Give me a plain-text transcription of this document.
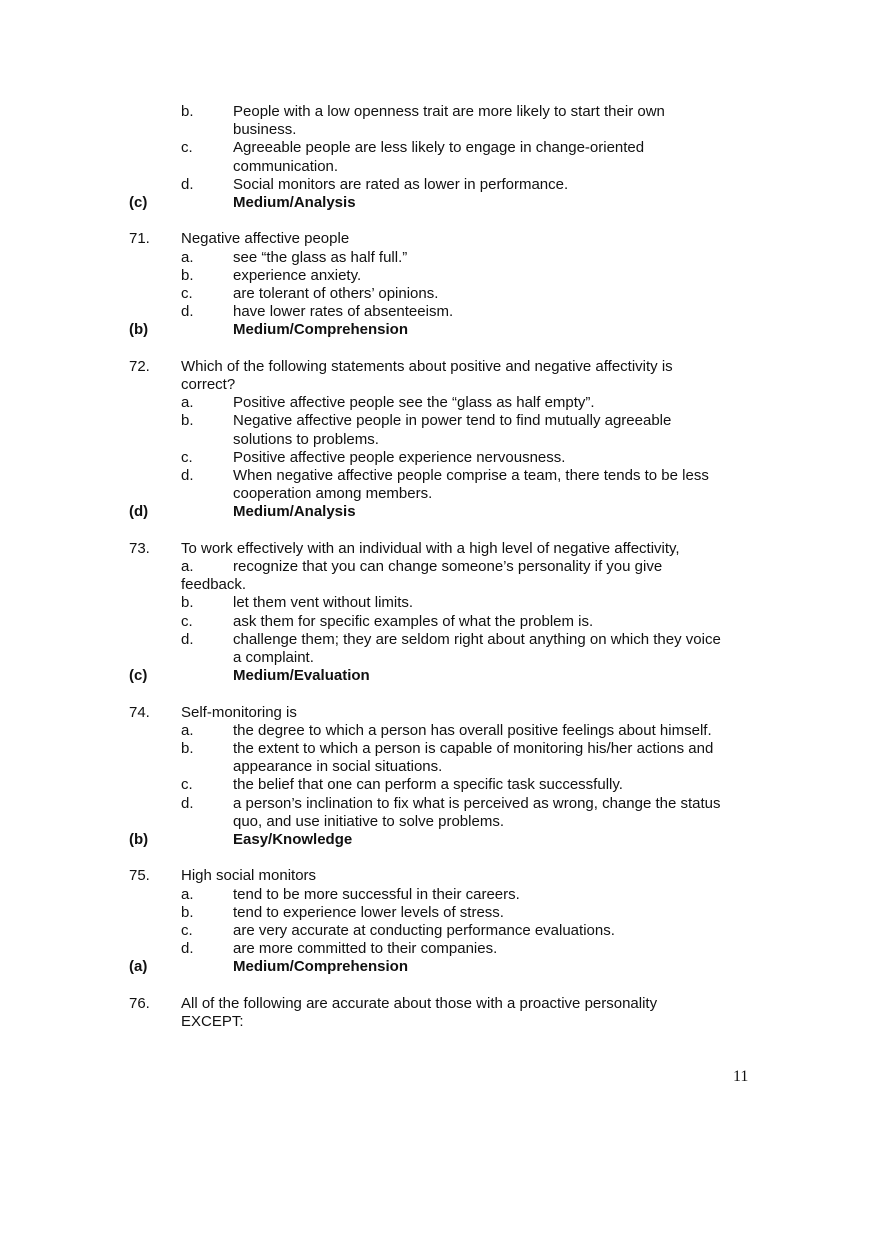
b.	People with a low openness trait are more likely to start their own
business.
c.	Agreeable people are less likely to engage in change-oriented
communication.
d.	Social monitors are rated as lower in performance.
(c)	Medium/Analysis
71. Negative affective people
a.	see “the glass as half full.”
b.	experience anxiety.
c.	are tolerant of others’ opinions.
d.	have lower rates of absenteeism.
(b)	Medium/Comprehension
72. Which of the following statements about positive and negative affectivity is
correct?
a.	Positive affective people see the “glass as half empty”.
b.	Negative affective people in power tend to find mutually agreeable
solutions to problems.
c.	Positive affective people experience nervousness.
d.	When negative affective people comprise a team, there tends to be less
cooperation among members.
(d)	Medium/Analysis
73. To work effectively with an individual with a high level of negative affectivity,
a.	recognize that you can change someone’s personality if you give
feedback.
b.	let them vent without limits.
c.	ask them for specific examples of what the problem is.
d.	challenge them; they are seldom right about anything on which they voice
a complaint.
(c)	Medium/Evaluation
74. Self-monitoring is
a.	the degree to which a person has overall positive feelings about himself.
b.	the extent to which a person is capable of monitoring his/her actions and
appearance in social situations.
c.	the belief that one can perform a specific task successfully.
d.	a person’s inclination to fix what is perceived as wrong, change the status
quo, and use initiative to solve problems.
(b)	Easy/Knowledge
75. High social monitors
a.	tend to be more successful in their careers.
b.	tend to experience lower levels of stress.
c.	are very accurate at conducting performance evaluations.
d.	are more committed to their companies.
(a)	Medium/Comprehension
76. All of the following are accurate about those with a proactive personality
EXCEPT:
11
